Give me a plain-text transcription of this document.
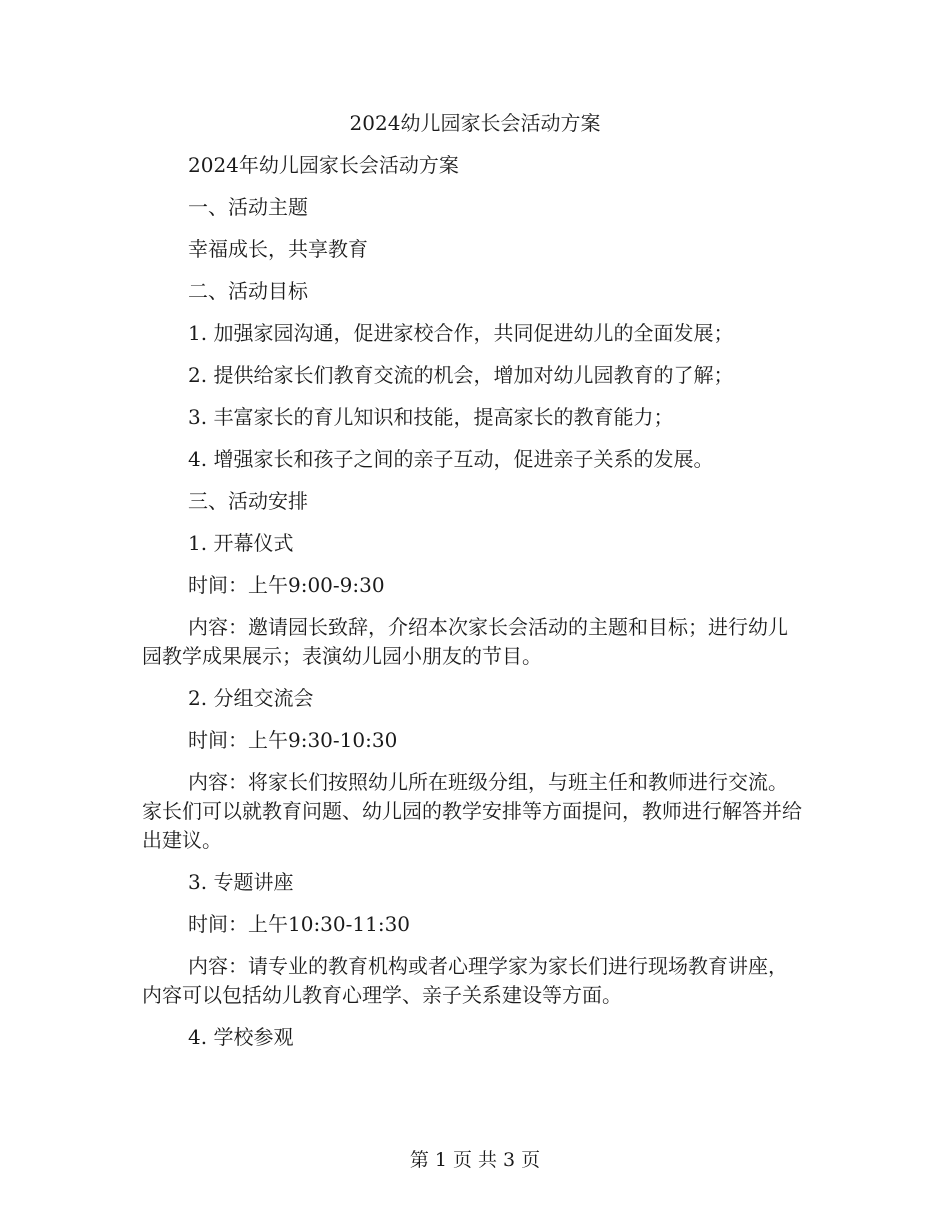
2024幼儿园家长会活动方案

2024年幼儿园家长会活动方案

一、活动主题

幸福成长，共享教育

二、活动目标

1. 加强家园沟通，促进家校合作，共同促进幼儿的全面发展；

2. 提供给家长们教育交流的机会，增加对幼儿园教育的了解；

3. 丰富家长的育儿知识和技能，提高家长的教育能力；

4. 增强家长和孩子之间的亲子互动，促进亲子关系的发展。

三、活动安排

1. 开幕仪式

时间：上午9:00-9:30

内容：邀请园长致辞，介绍本次家长会活动的主题和目标；进行幼儿园教学成果展示；表演幼儿园小朋友的节目。

2. 分组交流会

时间：上午9:30-10:30

内容：将家长们按照幼儿所在班级分组，与班主任和教师进行交流。家长们可以就教育问题、幼儿园的教学安排等方面提问，教师进行解答并给出建议。

3. 专题讲座

时间：上午10:30-11:30

内容：请专业的教育机构或者心理学家为家长们进行现场教育讲座，内容可以包括幼儿教育心理学、亲子关系建设等方面。

4. 学校参观

第 1 页 共 3 页
